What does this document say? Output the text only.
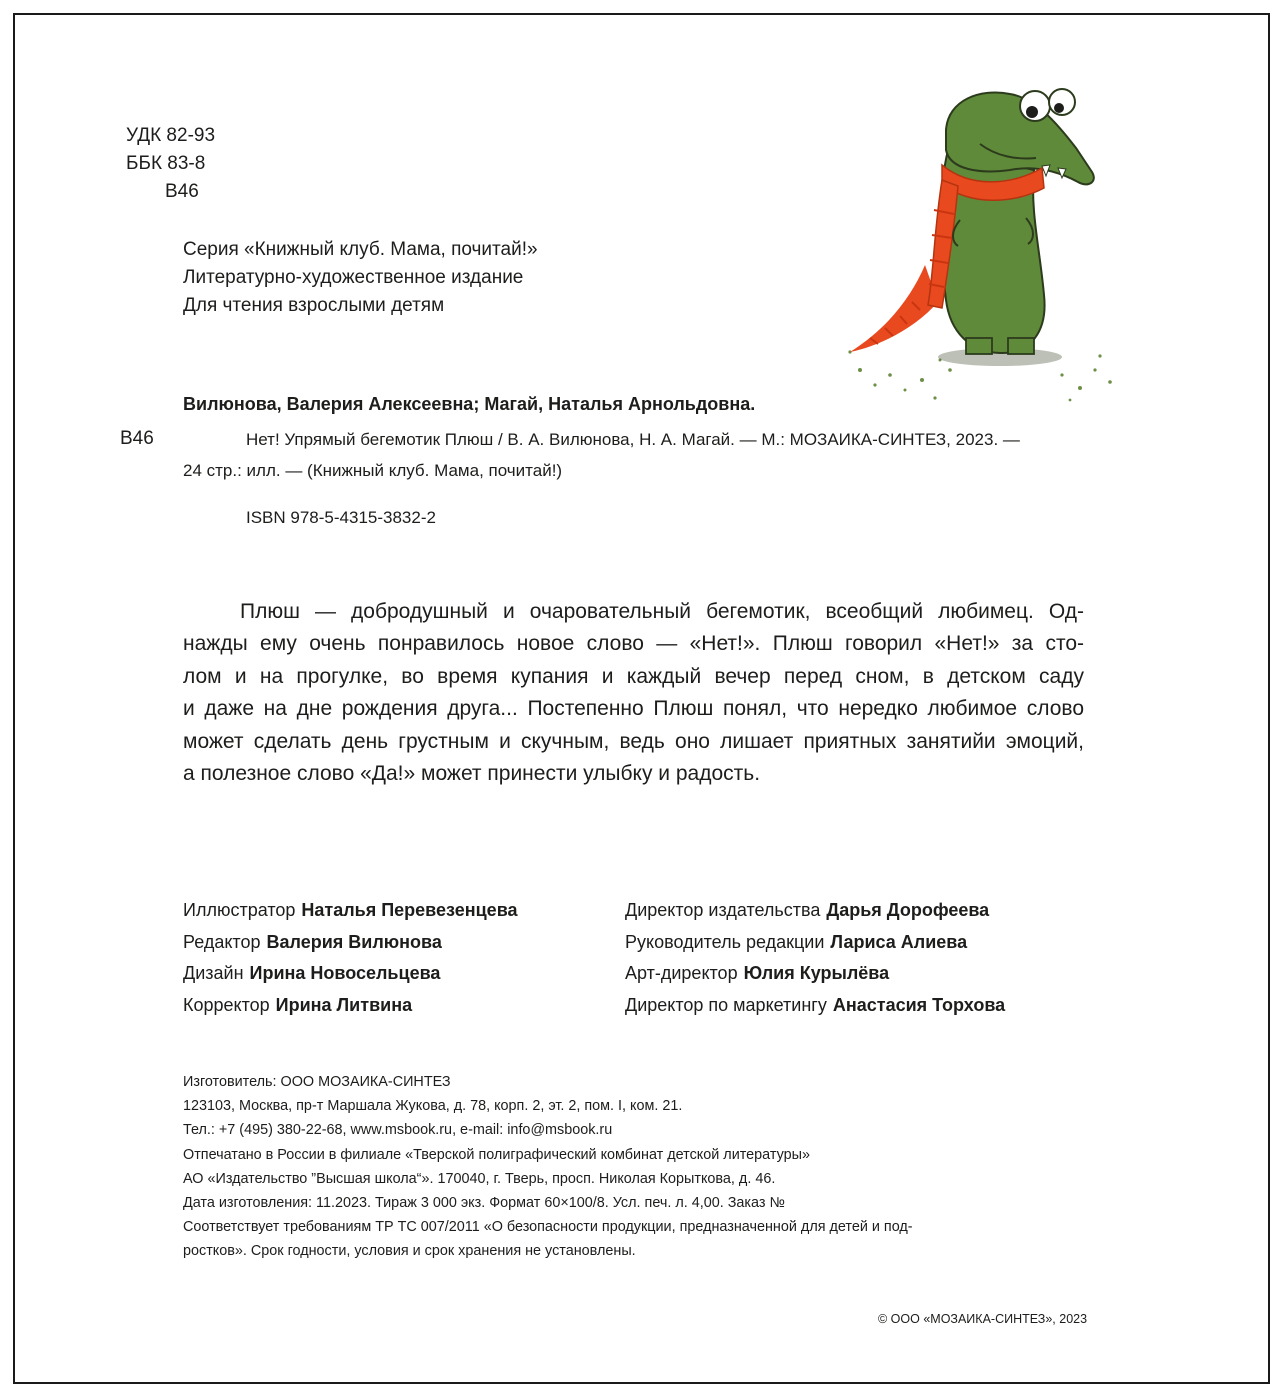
УДК 82-93
ББК 83-8
В46
Серия «Книжный клуб. Мама, почитай!»
Литературно-художественное издание
Для чтения взрослыми детям
Вилюнова, Валерия Алексеевна; Магай, Наталья Арнольдовна.
В46	Нет! Упрямый бегемотик Плюш / В. А. Вилюнова, Н. А. Магай. — М.: МОЗАИКА-СИНТЕЗ, 2023. —
24 стр.: илл. — (Книжный клуб. Мама, почитай!)
ISBN 978-5-4315-3832-2
Плюш — добродушный и очаровательный бегемотик, всеобщий любимец. Од-
нажды ему очень понравилось новое слово — «Нет!». Плюш говорил «Нет!» за сто-
лом и на прогулке, во время купания и каждый вечер перед сном, в детском саду
и даже на дне рождения друга... Постепенно Плюш понял, что нередко любимое слово
может сделать день грустным и скучным, ведь оно лишает приятных занятийи эмоций,
а полезное слово «Да!» может принести улыбку и радость.
Иллюстратор Наталья Перевезенцева
Редактор Валерия Вилюнова
Дизайн Ирина Новосельцева
Корректор Ирина Литвина
Директор издательства Дарья Дорофеева
Руководитель редакции Лариса Алиева
Арт-директор Юлия Курылёва
Директор по маркетингу Анастасия Торхова
Изготовитель: ООО МОЗАИКА-СИНТЕЗ
123103, Москва, пр-т Маршала Жукова, д. 78, корп. 2, эт. 2, пом. I, ком. 21.
Тел.: +7 (495) 380-22-68, www.msbook.ru, e-mail: info@msbook.ru
Отпечатано в России в филиале «Тверской полиграфический комбинат детской литературы»
АО «Издательство ”Высшая школа“». 170040, г. Тверь, просп. Николая Корыткова, д. 46.
Дата изготовления: 11.2023. Тираж 3 000 экз. Формат 60×100/8. Усл. печ. л. 4,00. Заказ №
Соответствует требованиям ТР ТС 007/2011 «О безопасности продукции, предназначенной для детей и под-
ростков». Срок годности, условия и срок хранения не установлены.
© ООО «МОЗАИКА-СИНТЕЗ», 2023
